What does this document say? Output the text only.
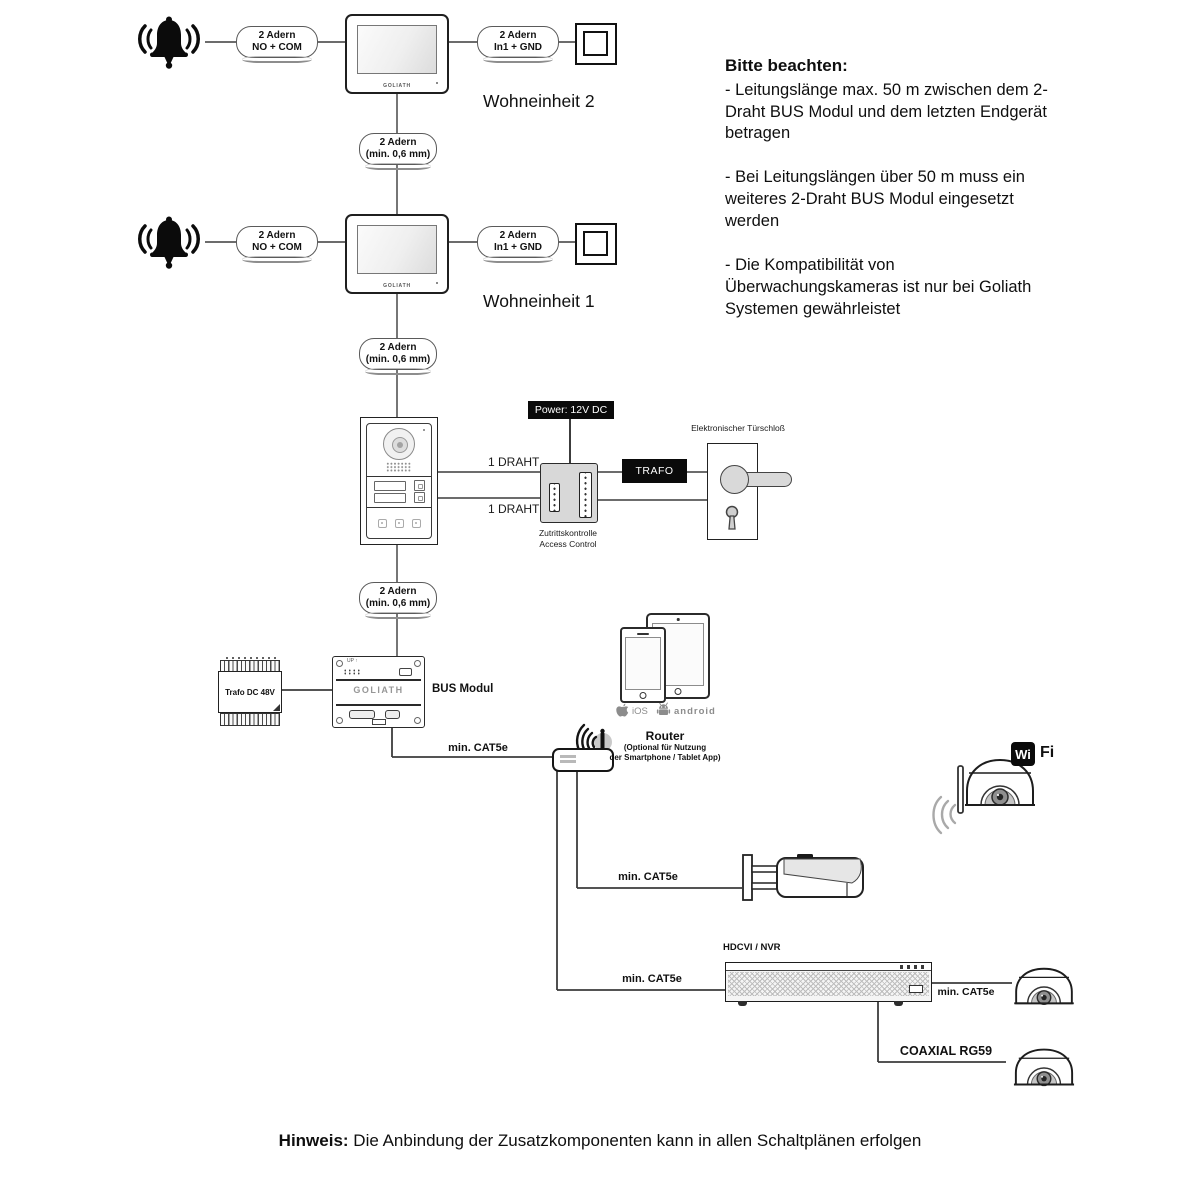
2 Adern
NO + COM
GOLIATH
2 Adern
In1 + GND
Wohneinheit 2
2 Adern
(min. 0,6 mm)
2 Adern
NO + COM
GOLIATH
2 Adern
In1 + GND
Wohneinheit 1
2 Adern
(min. 0,6 mm)
1 DRAHT
1 DRAHT
Power: 12V DC
Zutrittskontrolle
Access Control
TRAFO
Elektronischer Türschloß
2 Adern
(min. 0,6 mm)
Trafo DC 48V
UP ↑
GOLIATH	BUS Modul
min. CAT5e
iOS	android
Router
(Optional für Nutzung
der Smartphone / Tablet App)	Wi Fi
min. CAT5e
HDCVI / NVR
min. CAT5e
min. CAT5e
COAXIAL RG59
Bitte beachten:

- Leitungslänge max. 50 m zwischen dem 2-Draht BUS Modul und dem letzten Endgerät betragen

- Bei Leitungslängen über 50 m muss ein weiteres 2-Draht BUS Modul eingesetzt werden

- Die Kompatibilität von Überwachungskameras ist nur bei Goliath Systemen gewährleistet

Hinweis: Die Anbindung der Zusatzkomponenten kann in allen Schaltplänen erfolgen
